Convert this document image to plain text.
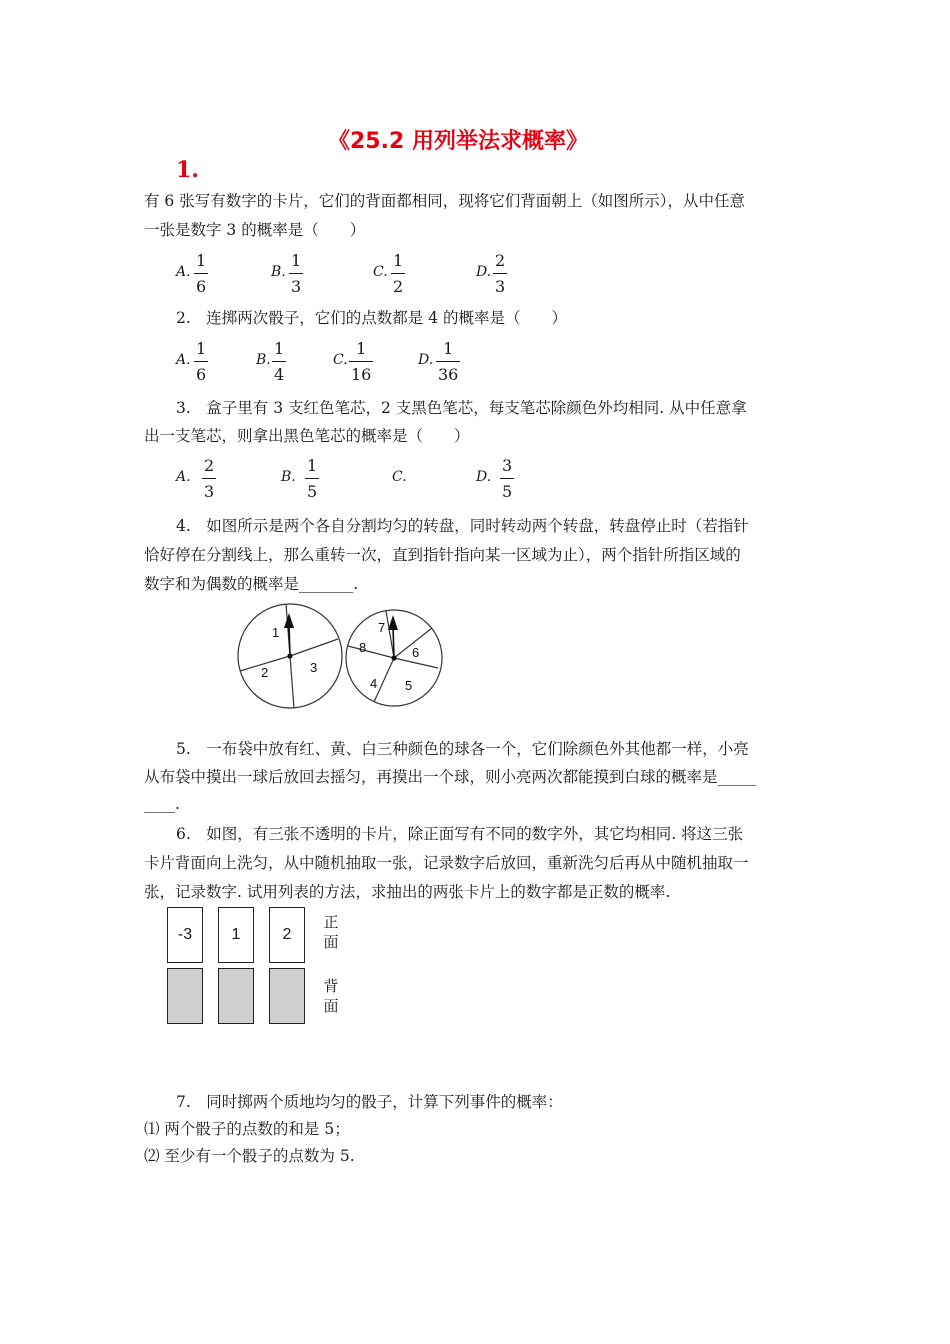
《25.2 用列举法求概率》
1.
有 6 张写有数字的卡片，它们的背面都相同，现将它们背面朝上（如图所示），从中任意
一张是数字 3 的概率是（　　）
A.
1
6
B.
1
3
C.
1
2
D.
2
3
2.　连掷两次骰子，它们的点数都是 4 的概率是（　　）
A.
1
6
B.
1
4
C.
1
16
D.
1
36
3.　盒子里有 3 支红色笔芯，2 支黑色笔芯，每支笔芯除颜色外均相同. 从中任意拿
出一支笔芯，则拿出黑色笔芯的概率是（　　）
A.
2
3
B.
1
5
C.	D.
3
5
4.　如图所示是两个各自分割均匀的转盘，同时转动两个转盘，转盘停止时（若指针
恰好停在分割线上，那么重转一次，直到指针指向某一区域为止），两个指针所指区域的
数字和为偶数的概率是_______.
1
2	3
7
8	6
4 5
5.　一布袋中放有红、黄、白三种颜色的球各一个，它们除颜色外其他都一样，小亮
从布袋中摸出一球后放回去摇匀，再摸出一个球，则小亮两次都能摸到白球的概率是_____
____.
6.　如图，有三张不透明的卡片，除正面写有不同的数字外，其它均相同. 将这三张
卡片背面向上洗匀，从中随机抽取一张，记录数字后放回，重新洗匀后再从中随机抽取一
张，记录数字. 试用列表的方法，求抽出的两张卡片上的数字都是正数的概率.
-3	1	2
正
面
背
面
7.　同时掷两个质地均匀的骰子，计算下列事件的概率：
⑴ 两个骰子的点数的和是 5；
⑵ 至少有一个骰子的点数为 5.
